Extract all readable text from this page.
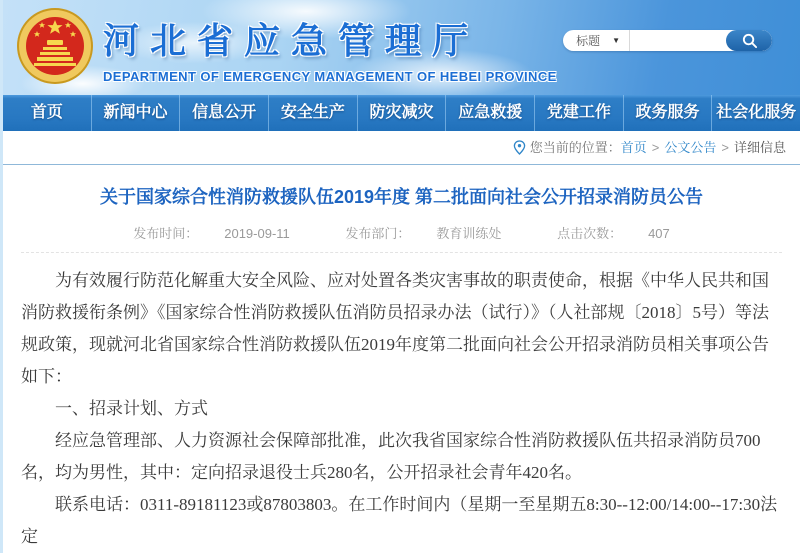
河北省应急管理厅
DEPARTMENT OF EMERGENCY MANAGEMENT OF HEBEI PROVINCE
标题 ▼
首页	新闻中心	信息公开	安全生产	防灾减灾	应急救援	党建工作	政务服务	社会化服务
您当前的位置：首页 > 公文公告 > 详细信息
关于国家综合性消防救援队伍2019年度 第二批面向社会公开招录消防员公告
发布时间： 2019-09-11	发布部门： 教育训练处	点击次数： 407

为有效履行防范化解重大安全风险、应对处置各类灾害事故的职责使命，根据《中华人民共和国消防救援衔条例》《国家综合性消防救援队伍消防员招录办法（试行）》（人社部规〔2018〕5号）等法规政策，现就河北省国家综合性消防救援队伍2019年度第二批面向社会公开招录消防员相关事项公告如下：

一、招录计划、方式

经应急管理部、人力资源社会保障部批准，此次我省国家综合性消防救援队伍共招录消防员700名，均为男性，其中：定向招录退役士兵280名，公开招录社会青年420名。

联系电话：0311-89181123或87803803。在工作时间内（星期一至星期五8:30--12:00/14:00--17:30法定
